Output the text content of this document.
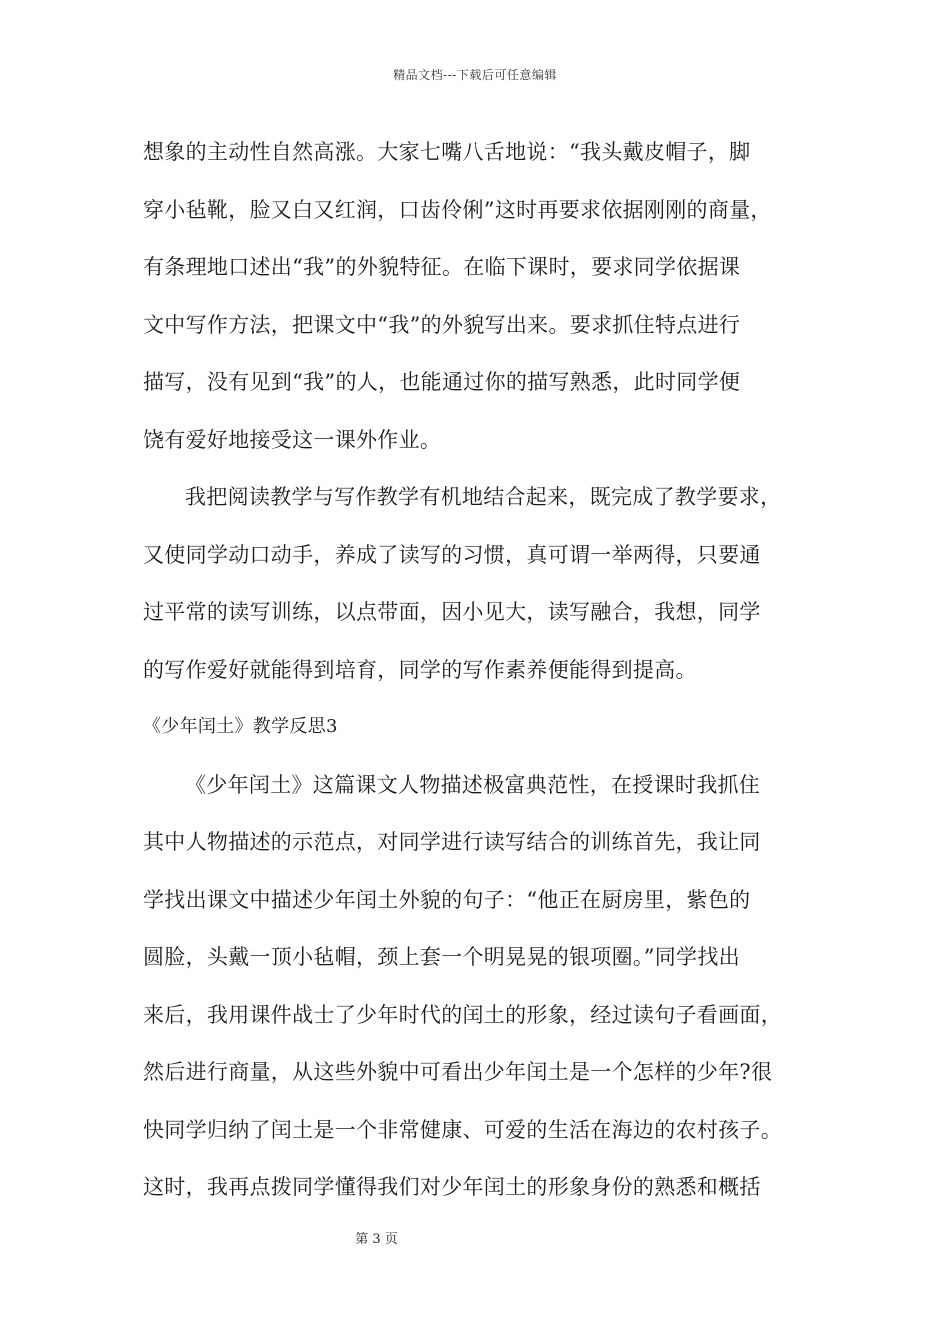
精品文档---下载后可任意编辑
想象的主动性自然高涨。大家七嘴八舌地说：“我头戴皮帽子，脚
穿小毡靴，脸又白又红润，口齿伶俐”这时再要求依据刚刚的商量，
有条理地口述出“我”的外貌特征。在临下课时，要求同学依据课
文中写作方法，把课文中“我”的外貌写出来。要求抓住特点进行
描写，没有见到“我”的人，也能通过你的描写熟悉，此时同学便
饶有爱好地接受这一课外作业。
我把阅读教学与写作教学有机地结合起来，既完成了教学要求，
又使同学动口动手，养成了读写的习惯，真可谓一举两得，只要通
过平常的读写训练，以点带面，因小见大，读写融合，我想，同学
的写作爱好就能得到培育，同学的写作素养便能得到提高。
《少年闰土》教学反思3
《少年闰土》这篇课文人物描述极富典范性，在授课时我抓住
其中人物描述的示范点，对同学进行读写结合的训练首先，我让同
学找出课文中描述少年闰土外貌的句子：“他正在厨房里，紫色的
圆脸，头戴一顶小毡帽，颈上套一个明晃晃的银项圈。”同学找出
来后，我用课件战士了少年时代的闰土的形象，经过读句子看画面，
然后进行商量，从这些外貌中可看出少年闰土是一个怎样的少年?很
快同学归纳了闰土是一个非常健康、可爱的生活在海边的农村孩子。
这时，我再点拨同学懂得我们对少年闰土的形象身份的熟悉和概括
第 3 页
